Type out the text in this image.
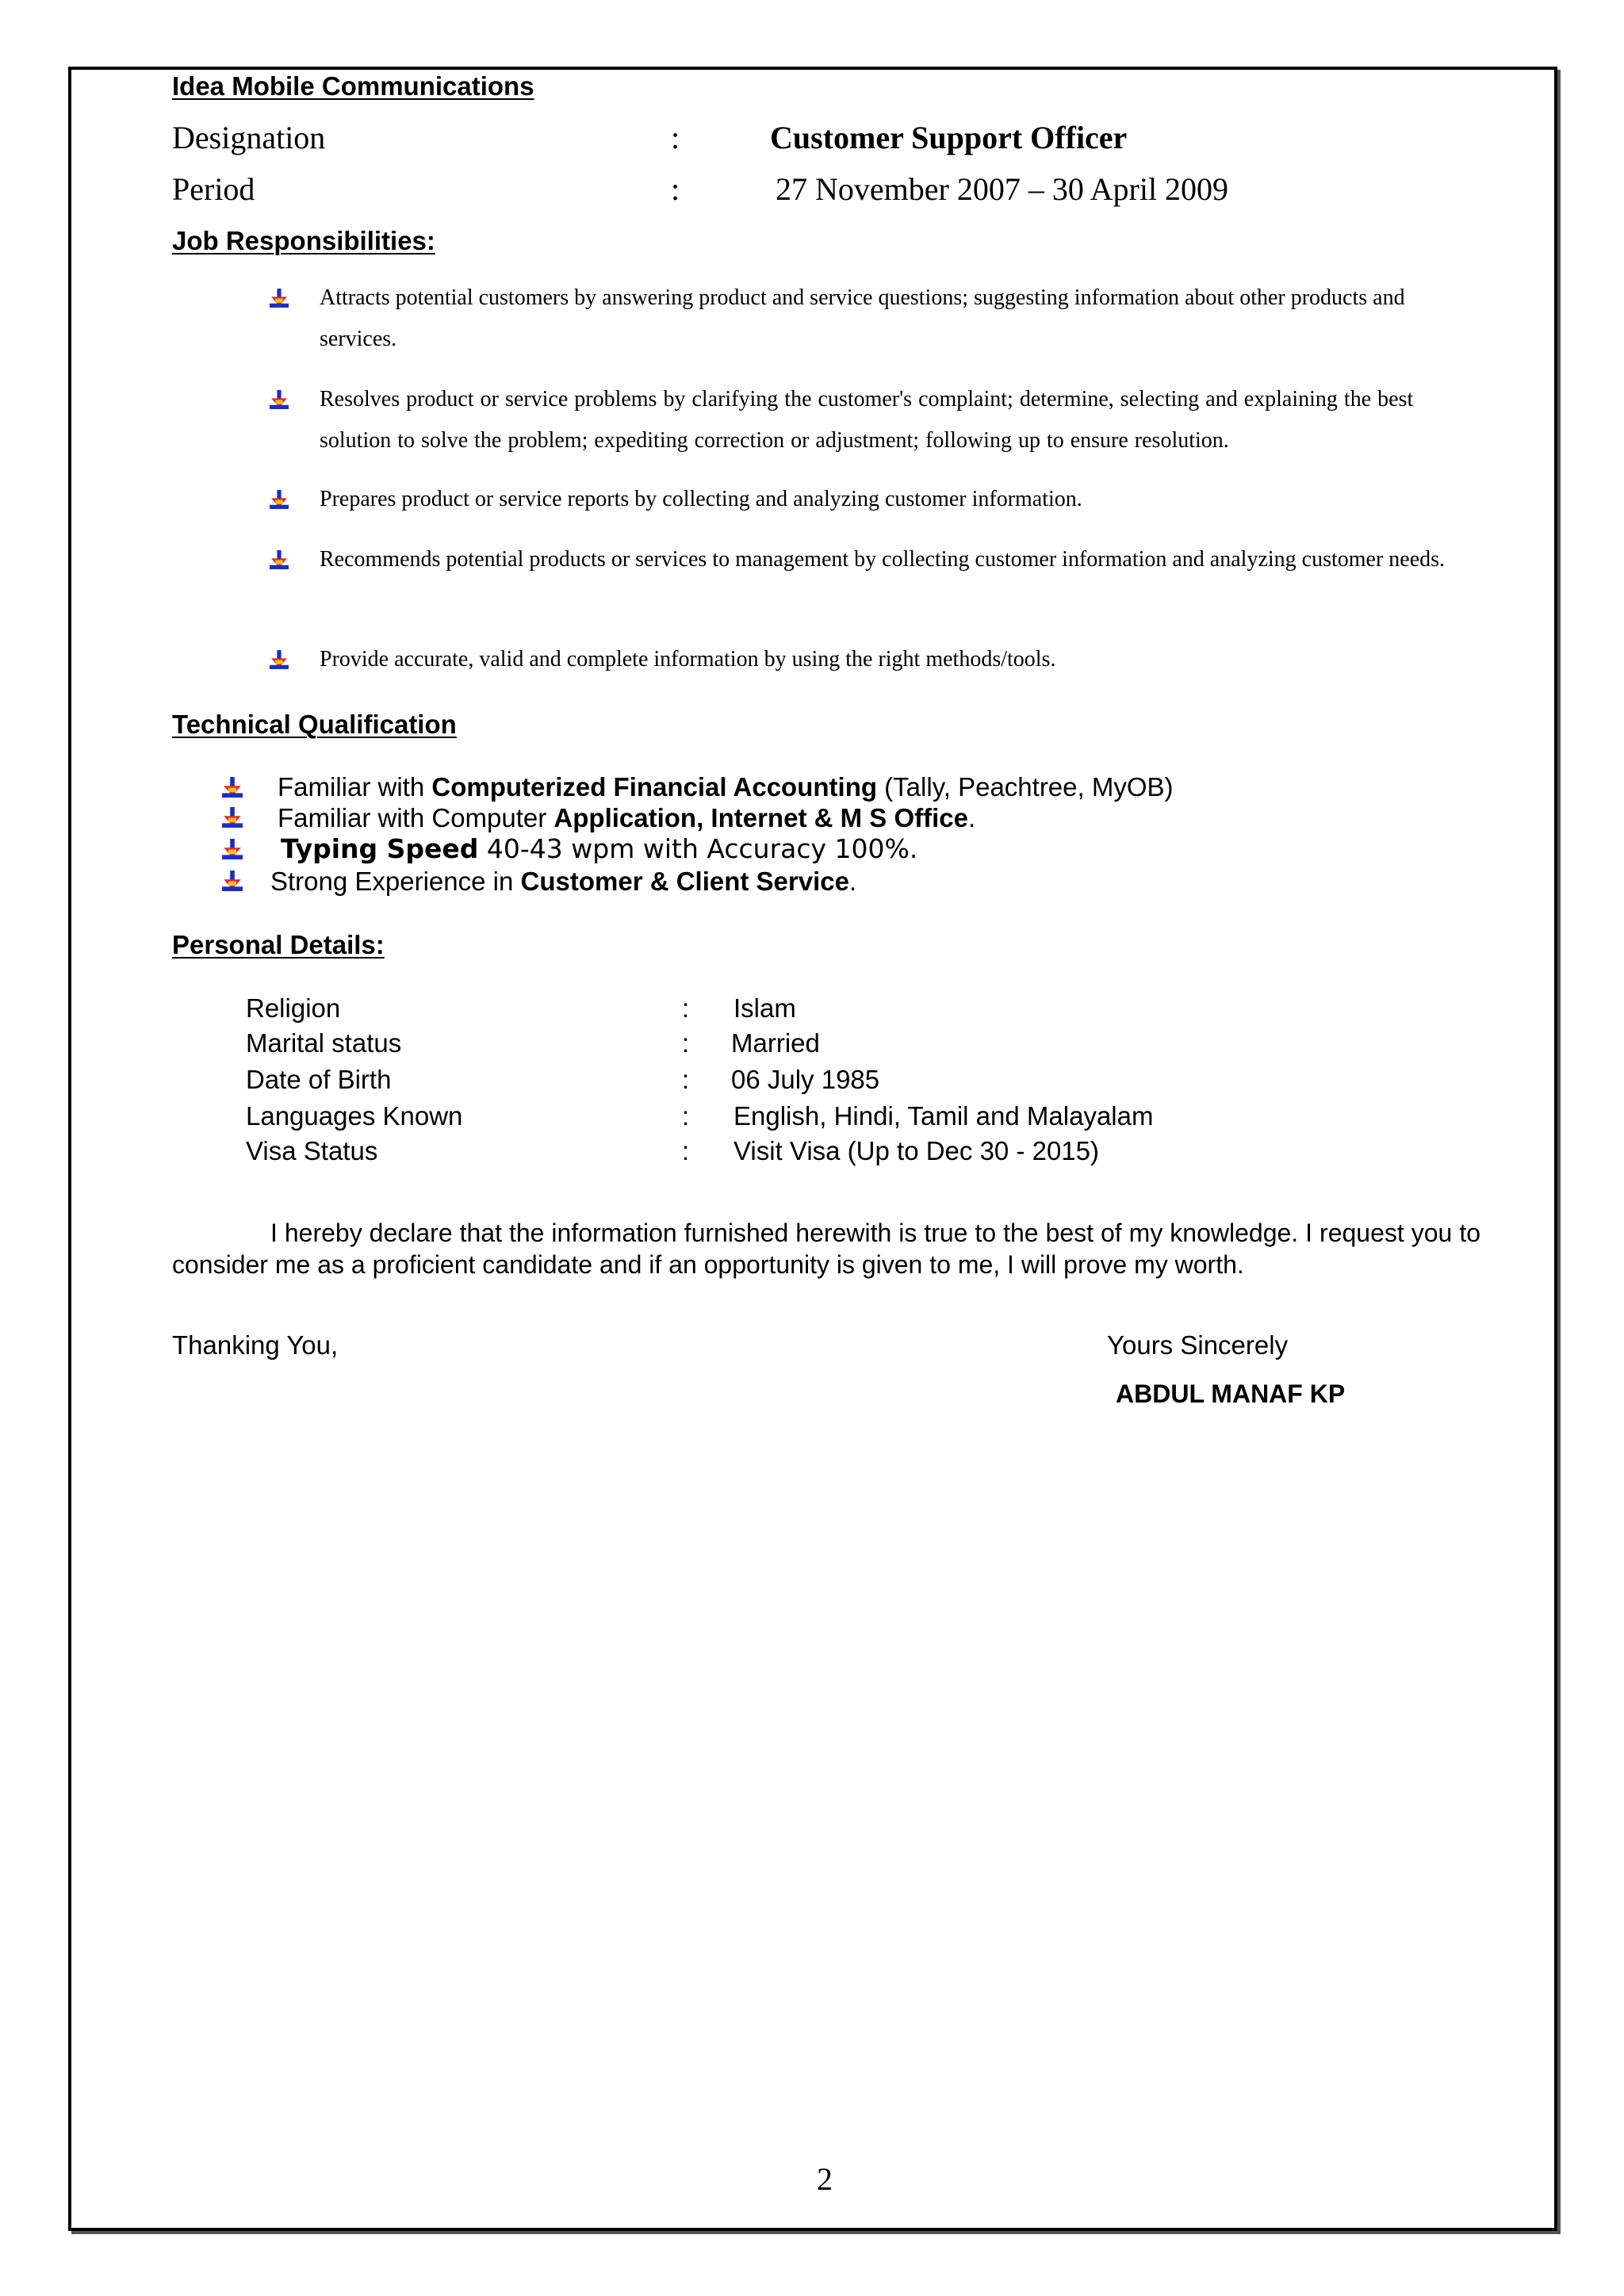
Idea Mobile Communications
Designation	:	Customer Support Officer
Period	:	27 November 2007 – 30 April 2009
Job Responsibilities:
Attracts potential customers by answering product and service questions; suggesting information about other products and services.
Resolves product or service problems by clarifying the customer's complaint; determine, selecting and explaining the best solution to solve the problem; expediting correction or adjustment; following up to ensure resolution.
Prepares product or service reports by collecting and analyzing customer information.
Recommends potential products or services to management by collecting customer information and analyzing customer needs.
Provide accurate, valid and complete information by using the right methods/tools.
Technical Qualification
Familiar with Computerized Financial Accounting (Tally, Peachtree, MyOB)
Familiar with Computer Application, Internet & M S Office.
Typing Speed 40-43 wpm with Accuracy 100%.
Strong Experience in Customer & Client Service.
Personal Details:
Religion	: Islam
Marital status	: Married
Date of Birth	: 06 July 1985
Languages Known	: English, Hindi, Tamil and Malayalam
Visa Status	: Visit Visa (Up to Dec 30 - 2015)
I hereby declare that the information furnished herewith is true to the best of my knowledge. I request you to consider me as a proficient candidate and if an opportunity is given to me, I will prove my worth.
Thanking You,	Yours Sincerely
ABDUL MANAF KP
2
